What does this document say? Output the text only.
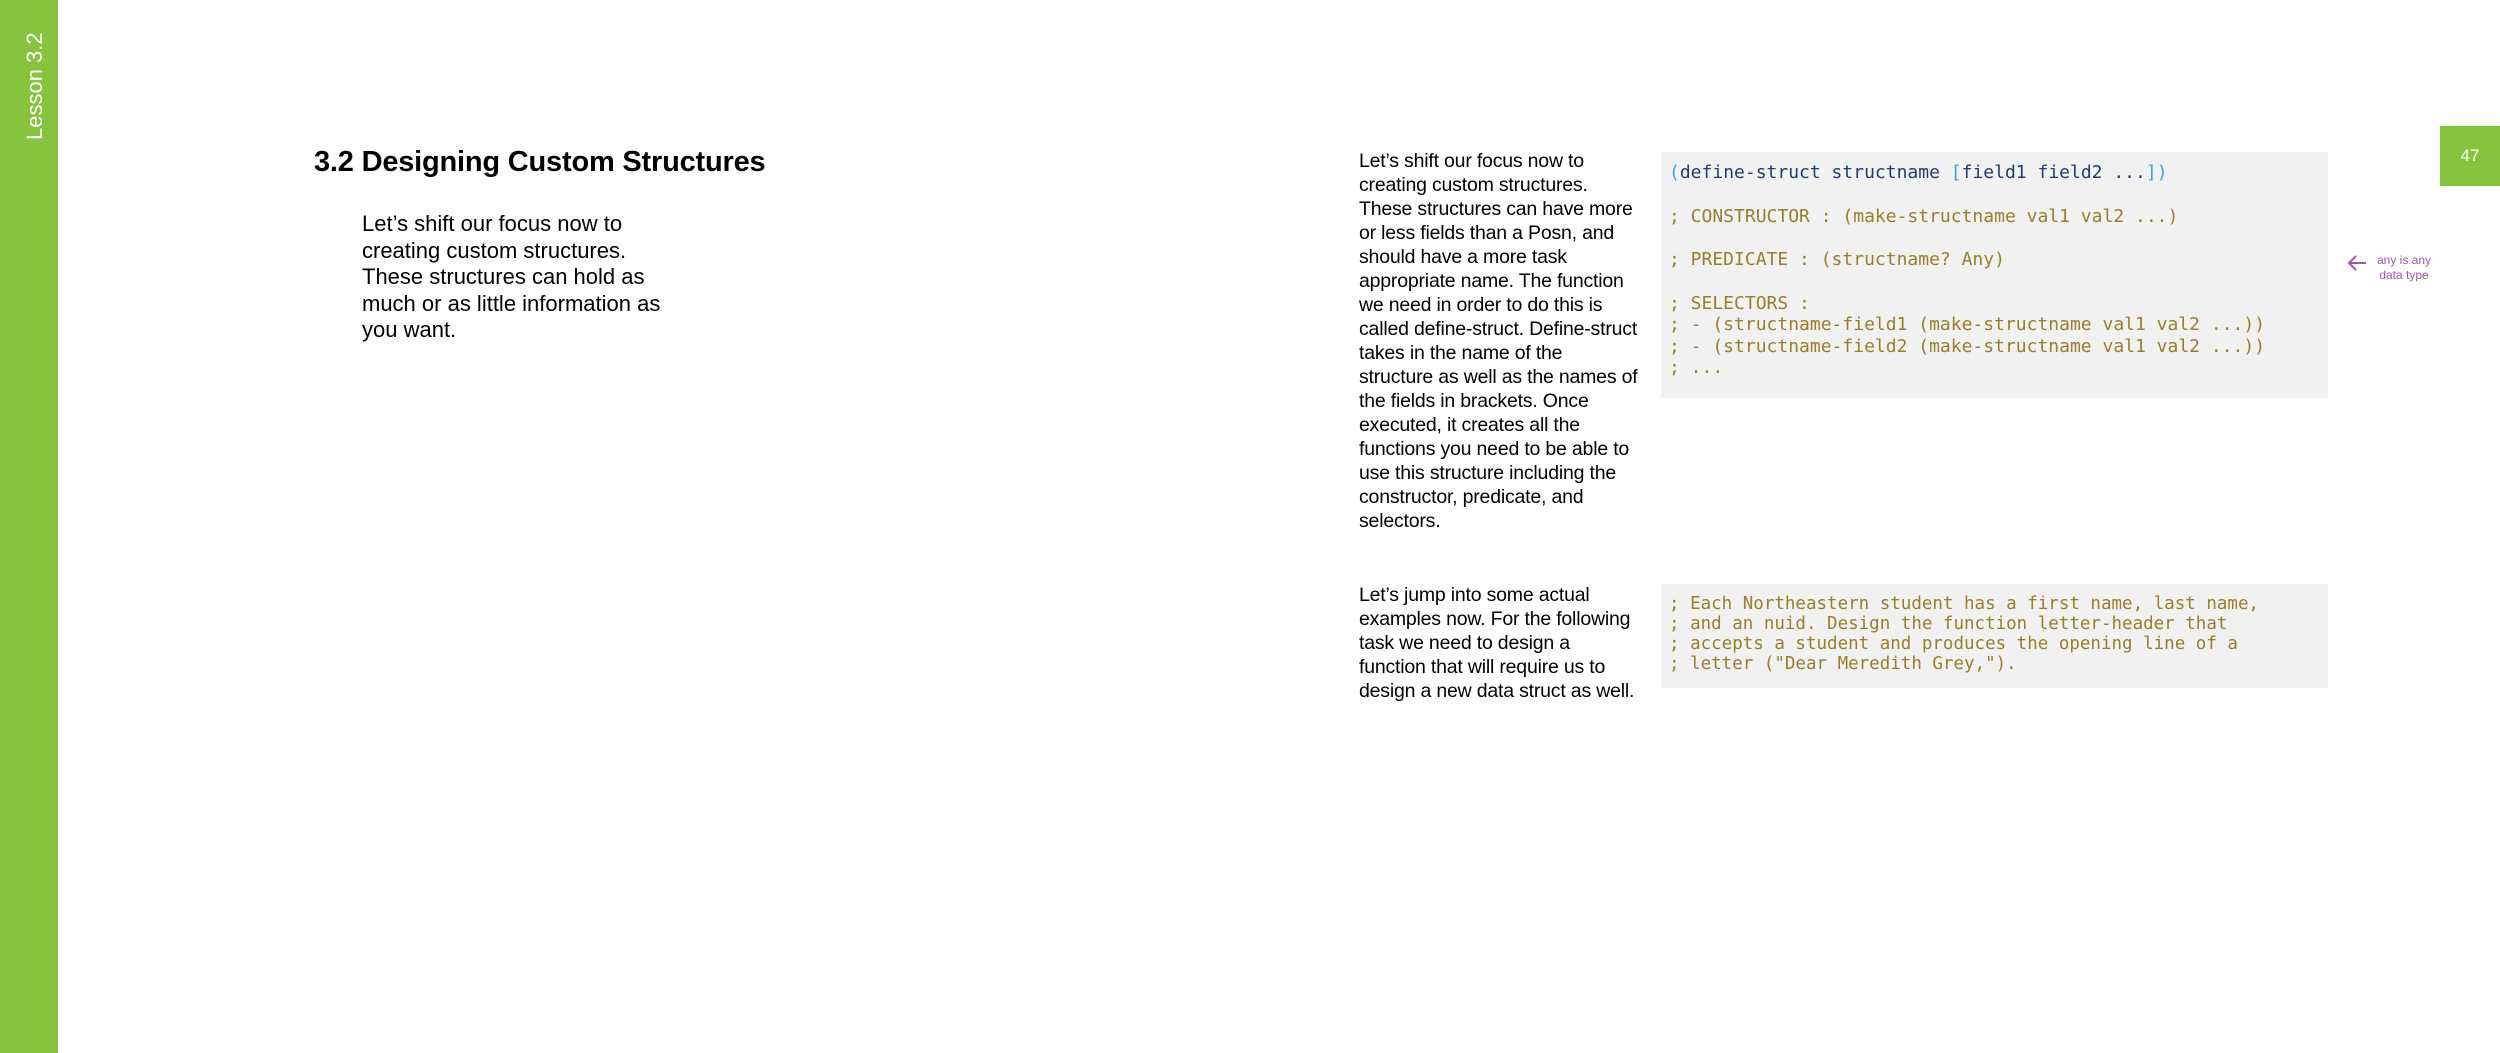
Lesson 3.2
47
3.2 Designing Custom Structures

Let’s shift our focus now to creating custom structures. These structures can hold as much or as little information as you want.

Let’s shift our focus now to creating custom structures. These structures can have more or less fields than a Posn, and should have a more task appropriate name. The function we need in order to do this is called define-struct. Define-struct takes in the name of the structure as well as the names of the fields in brackets. Once executed, it creates all the functions you need to be able to use this structure including the constructor, predicate, and selectors.

Let’s jump into some actual examples now. For the following task we need to design a function that will require us to design a new data struct as well.

(define-struct structname [field1 field2 ...])
; CONSTRUCTOR : (make-structname val1 val2 ...)
; PREDICATE : (structname? Any)
; SELECTORS :
; - (structname-field1 (make-structname val1 val2 ...))
; - (structname-field2 (make-structname val1 val2 ...))
; ...
any is any
data type
; Each Northeastern student has a first name, last name,
; and an nuid. Design the function letter-header that
; accepts a student and produces the opening line of a
; letter ("Dear Meredith Grey,").
